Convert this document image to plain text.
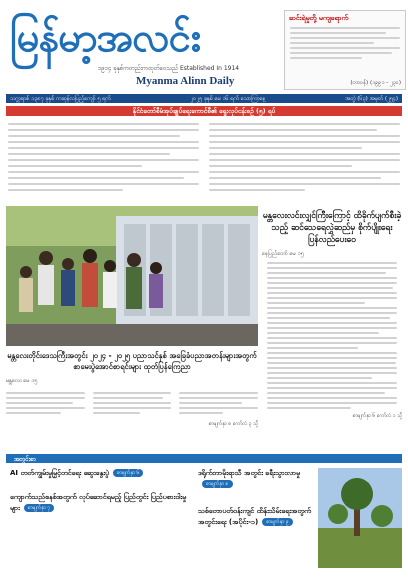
မြန်မာ့အလင်း
၁၉၁၄ ခုနှစ်ကတည်းကထုတ်ဝေသည် Established In 1914
Myanma Alinn Daily
ဆင်းရဲမှုတို့ မကျရောက်
(တာဝန်) (၁၉၉၁ - ၂၃၀)
သက္ကရာဇ် ၁၃၈၇ ခုနှစ် ကဆုန်လပြည့်ကျော် ၅ ရက်	၂၀၂၅ ခုနှစ် မေ ၁၆ ရက် သောကြာနေ့	အတွဲ (၆၃) အမှတ် (၂၅၄)
နိုင်ငံတော်စီမံအုပ်ချုပ်ရေးကောင်စီ၏ ရွေးလုပ်ငန်းစဉ် (၅) ရပ်
မန္တလေးလင်းလျှင်ကြီးကြောင့် ထိခိုက်ပျက်စီးခဲ့သည့် ဆင်သေရေလွှဲဆည်မှ စိုက်ပျိုးရေး ပြန်လည်ပေးဝေ
နေပြည်တော် မေ ၁၅
စာမျက်နှာ ၆ ကော်လံ ၁ သို့
မန္တလေးတိုင်းဒေသကြီးအတွင်း ၂၀၂၄ - ၂၀၂၅ ပညာသင်နှစ် အခြေခံပညာအတန်းများအတွက် စာမေးပွဲအောင်စာရင်းများ ထုတ်ပြန်ကြေညာ
မန္တလေး မေ ၁၅
စာမျက်နှာ ၈ ကော်လံ ၃ သို့
အတွင်းစာ
AI တတ်ကျွမ်းမှုမြှင့်တင်ရေး ဆွေးနွေးပွဲ စာမျက်နှာ ၆
ကျောက်သည်စနစ်အတွက် လုပ်ဆောင်ရမည့် ပြည်တွင်း ပြည်ပစားဝါးမှုများ စာမျက်နှာ ၇
ဒရိုက်ဘာမိုးရာသီ အတွင်း ခရီးသွားလာမှုစာမျက်နှာ ၈
သစ်တောပတ်ဝန်းကျင် ထိန်းသိမ်းရေးအတွက် အတွင်းရေး (အပိုင်း-၁) စာမျက်နှာ ၉
